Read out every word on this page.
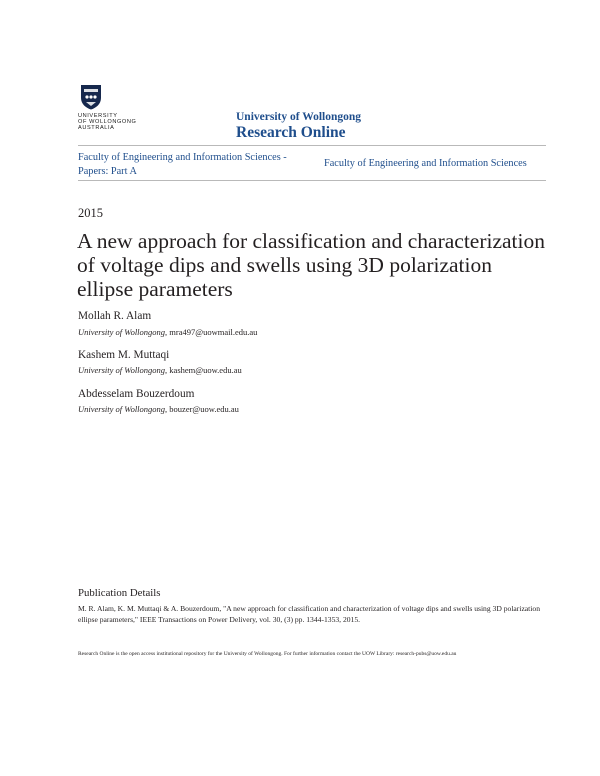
UNIVERSITY
OF WOLLONGONG
AUSTRALIA
University of Wollongong
Research Online
Faculty of Engineering and Information Sciences - Papers: Part A
Faculty of Engineering and Information Sciences
2015
A new approach for classification and characterization of voltage dips and swells using 3D polarization ellipse parameters
Mollah R. Alam
University of Wollongong, mra497@uowmail.edu.au
Kashem M. Muttaqi
University of Wollongong, kashem@uow.edu.au
Abdesselam Bouzerdoum
University of Wollongong, bouzer@uow.edu.au
Publication Details
M. R. Alam, K. M. Muttaqi & A. Bouzerdoum, "A new approach for classification and characterization of voltage dips and swells using 3D polarization ellipse parameters," IEEE Transactions on Power Delivery, vol. 30, (3) pp. 1344-1353, 2015.
Research Online is the open access institutional repository for the University of Wollongong. For further information contact the UOW Library: research-pubs@uow.edu.au
